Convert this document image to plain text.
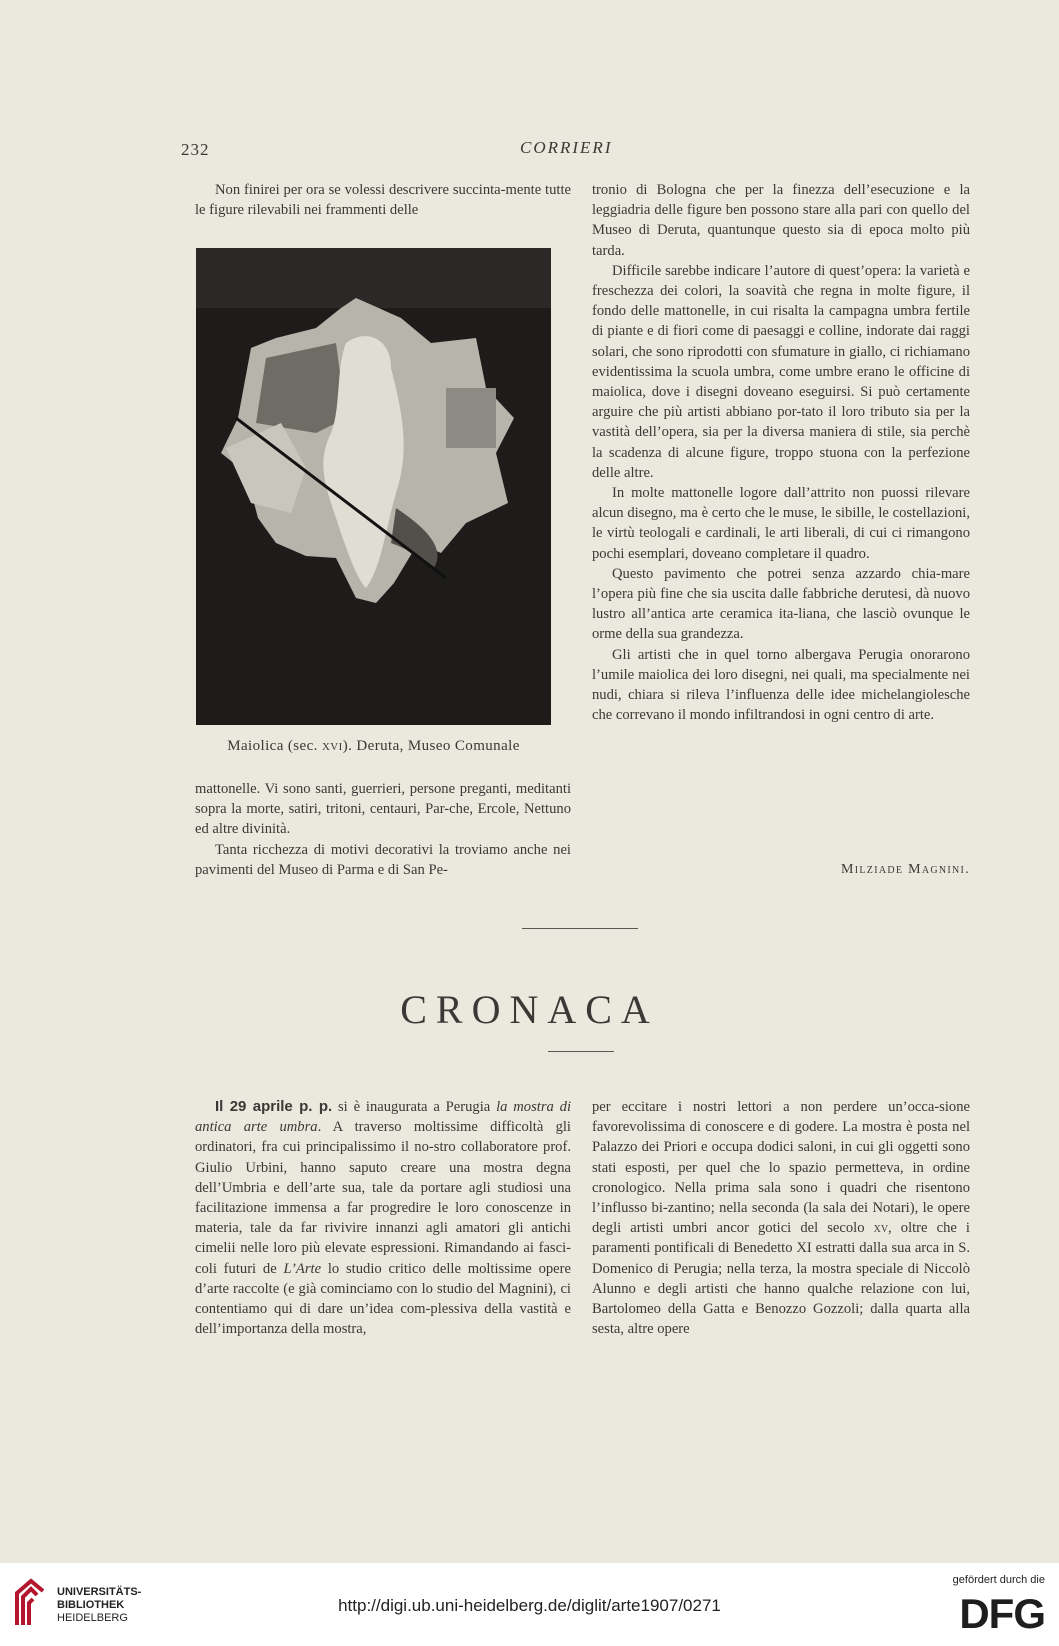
232	CORRIERI

Non finirei per ora se volessi descrivere succinta-mente tutte le figure rilevabili nei frammenti delle

Maiolica (sec. xvi). Deruta, Museo Comunale

mattonelle. Vi sono santi, guerrieri, persone preganti, meditanti sopra la morte, satiri, tritoni, centauri, Par-che, Ercole, Nettuno ed altre divinità.

Tanta ricchezza di motivi decorativi la troviamo anche nei pavimenti del Museo di Parma e di San Pe-

tronio di Bologna che per la finezza dell’esecuzione e la leggiadria delle figure ben possono stare alla pari con quello del Museo di Deruta, quantunque questo sia di epoca molto più tarda.

Difficile sarebbe indicare l’autore di quest’opera: la varietà e freschezza dei colori, la soavità che regna in molte figure, il fondo delle mattonelle, in cui risalta la campagna umbra fertile di piante e di fiori come di paesaggi e colline, indorate dai raggi solari, che sono riprodotti con sfumature in giallo, ci richiamano evidentissima la scuola umbra, come umbre erano le officine di maiolica, dove i disegni doveano eseguirsi. Si può certamente arguire che più artisti abbiano por-tato il loro tributo sia per la vastità dell’opera, sia per la diversa maniera di stile, sia perchè la scadenza di alcune figure, troppo stuona con la perfezione delle altre.

In molte mattonelle logore dall’attrito non puossi rilevare alcun disegno, ma è certo che le muse, le sibille, le costellazioni, le virtù teologali e cardinali, le arti liberali, di cui ci rimangono pochi esemplari, doveano completare il quadro.

Questo pavimento che potrei senza azzardo chia-mare l’opera più fine che sia uscita dalle fabbriche derutesi, dà nuovo lustro all’antica arte ceramica ita-liana, che lasciò ovunque le orme della sua grandezza.

Gli artisti che in quel torno albergava Perugia onorarono l’umile maiolica dei loro disegni, nei quali, ma specialmente nei nudi, chiara si rileva l’influenza delle idee michelangiolesche che correvano il mondo infiltrandosi in ogni centro di arte.

Milziade Magnini.
CRONACA

Il 29 aprile p. p. si è inaugurata a Perugia la mostra di antica arte umbra. A traverso moltissime difficoltà gli ordinatori, fra cui principalissimo il no-stro collaboratore prof. Giulio Urbini, hanno saputo creare una mostra degna dell’Umbria e dell’arte sua, tale da portare agli studiosi una facilitazione immensa a far progredire le loro conoscenze in materia, tale da far rivivire innanzi agli amatori gli antichi cimelii nelle loro più elevate espressioni. Rimandando ai fasci-coli futuri de L’Arte lo studio critico delle moltissime opere d’arte raccolte (e già cominciamo con lo studio del Magnini), ci contentiamo qui di dare un’idea com-plessiva della vastità e dell’importanza della mostra,

per eccitare i nostri lettori a non perdere un’occa-sione favorevolissima di conoscere e di godere. La mostra è posta nel Palazzo dei Priori e occupa dodici saloni, in cui gli oggetti sono stati esposti, per quel che lo spazio permetteva, in ordine cronologico. Nella prima sala sono i quadri che risentono l’influsso bi-zantino; nella seconda (la sala dei Notari), le opere degli artisti umbri ancor gotici del secolo xv, oltre che i paramenti pontificali di Benedetto XI estratti dalla sua arca in S. Domenico di Perugia; nella terza, la mostra speciale di Niccolò Alunno e degli artisti che hanno qualche relazione con lui, Bartolomeo della Gatta e Benozzo Gozzoli; dalla quarta alla sesta, altre opere

UNIVERSITÄTS-
BIBLIOTHEK
HEIDELBERG
http://digi.ub.uni-heidelberg.de/diglit/arte1907/0271
gefördert durch die
DFG
